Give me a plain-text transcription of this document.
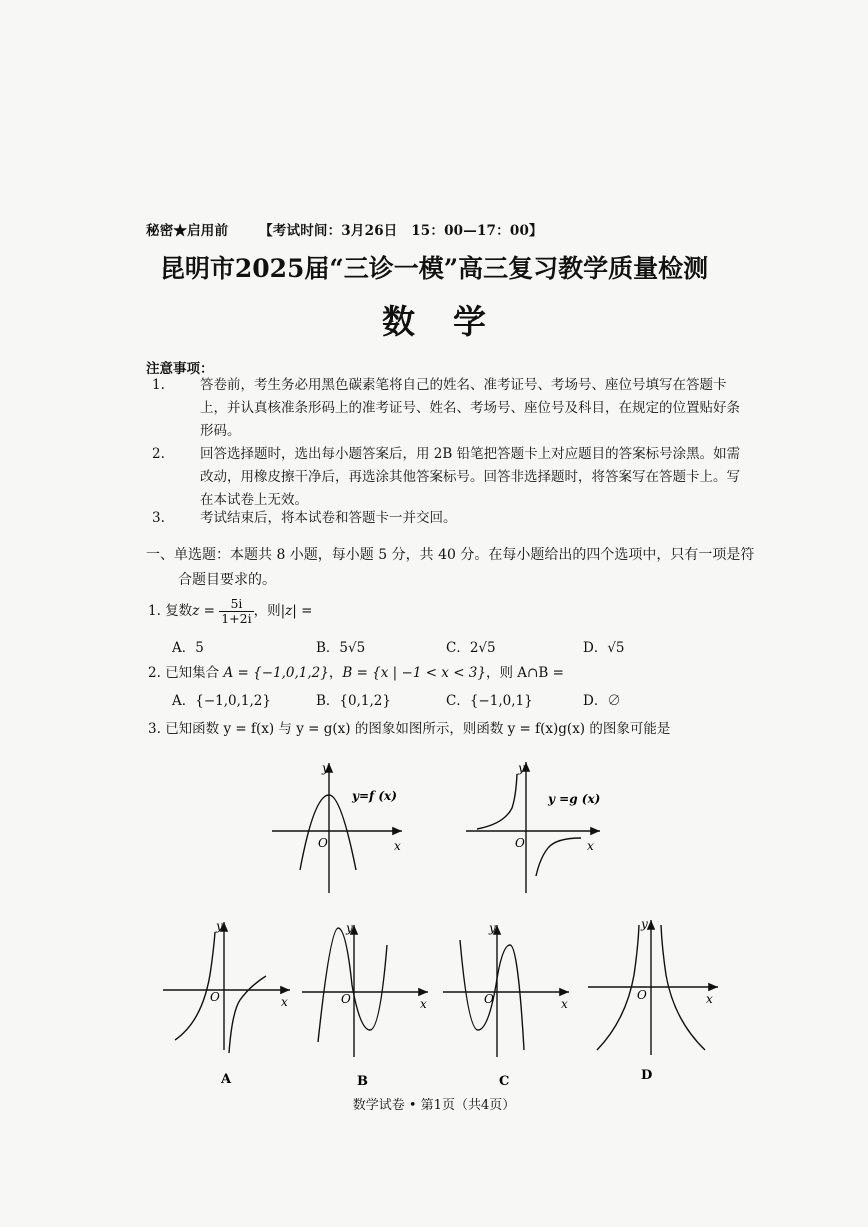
秘密★启用前 【考试时间：3月26日　15：00—17：00】
昆明市2025届“三诊一模”高三复习教学质量检测
数学
注意事项：
1.	答卷前，考生务必用黑色碳素笔将自己的姓名、准考证号、考场号、座位号填写在答题卡上，并认真核准条形码上的准考证号、姓名、考场号、座位号及科目，在规定的位置贴好条形码。
2.	回答选择题时，选出每小题答案后，用 2B 铅笔把答题卡上对应题目的答案标号涂黑。如需改动，用橡皮擦干净后，再选涂其他答案标号。回答非选择题时，将答案写在答题卡上。写在本试卷上无效。
3.	考试结束后，将本试卷和答题卡一并交回。
一、单选题：本题共 8 小题，每小题 5 分，共 40 分。在每小题给出的四个选项中，只有一项是符合题目要求的。
1. 复数$z = \frac{5i}{1+2i}$ ，则|z| =
A．5	B．5√5	C．2√5	D．√5
2. 已知集合 A = {−1,0,1,2}，B = {x | −1 < x < 3}，则 A∩B =
A．{−1,0,1,2}	B．{0,1,2}	C．{−1,0,1}	D．∅
3. 已知函数 y = f(x) 与 y = g(x) 的图象如图所示，则函数 y = f(x)g(x) 的图象可能是
y
x
O
y=f (x)
y
x
O
y =g (x)
y
x
O
y
x
O
y
x
O
y
x
O
A	B	C	D
数学试卷 • 第1页（共4页）
